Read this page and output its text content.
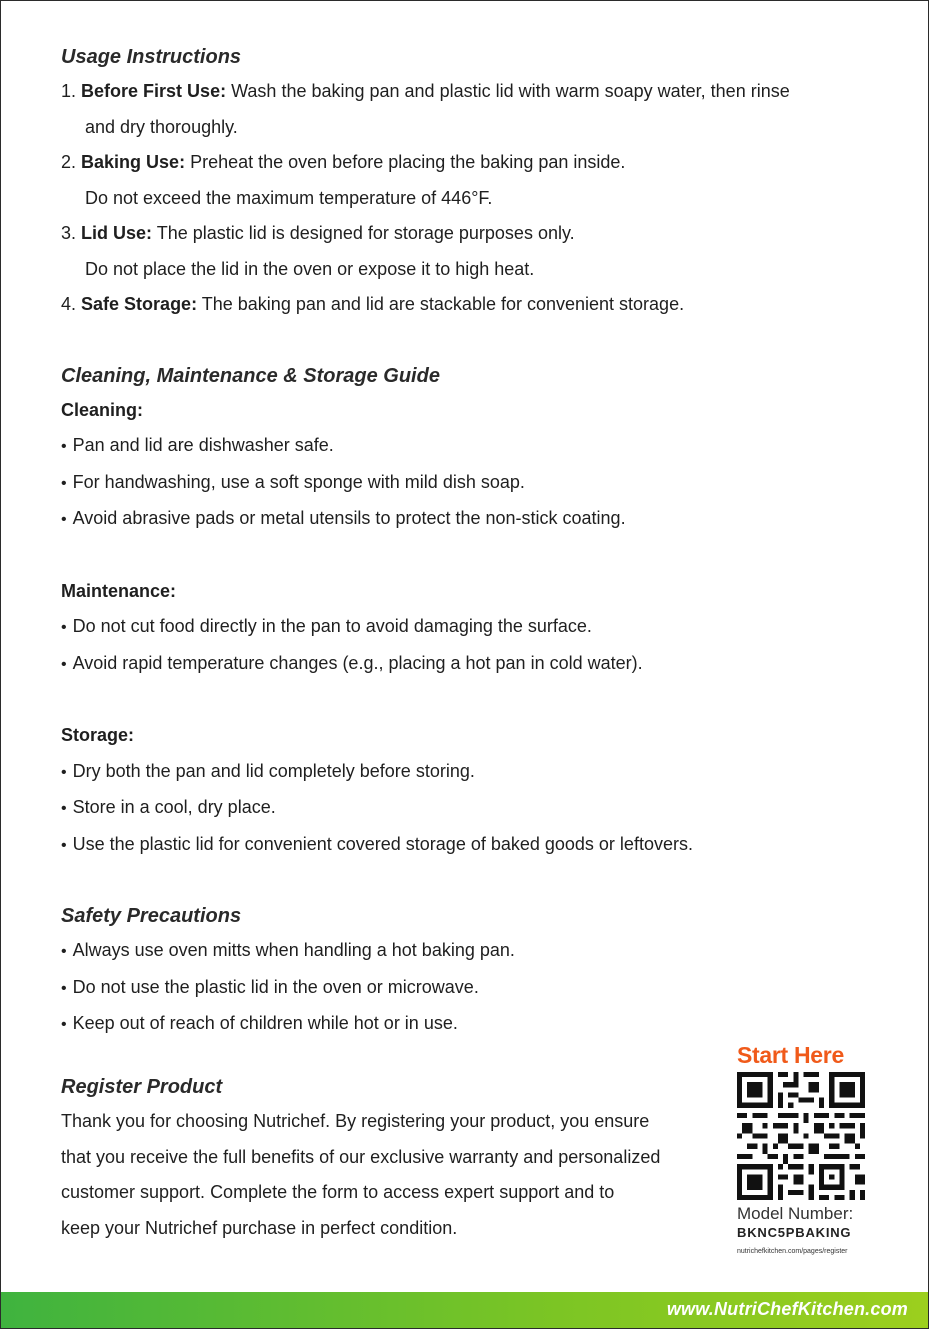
Usage Instructions
1. Before First Use: Wash the baking pan and plastic lid with warm soapy water, then rinse
and dry thoroughly.
2. Baking Use: Preheat the oven before placing the baking pan inside.
Do not exceed the maximum temperature of 446°F.
3. Lid Use: The plastic lid is designed for storage purposes only.
Do not place the lid in the oven or expose it to high heat.
4. Safe Storage: The baking pan and lid are stackable for convenient storage.
Cleaning, Maintenance & Storage Guide
Cleaning:
• Pan and lid are dishwasher safe.
• For handwashing, use a soft sponge with mild dish soap.
• Avoid abrasive pads or metal utensils to protect the non-stick coating.
Maintenance:
• Do not cut food directly in the pan to avoid damaging the surface.
• Avoid rapid temperature changes (e.g., placing a hot pan in cold water).
Storage:
• Dry both the pan and lid completely before storing.
• Store in a cool, dry place.
• Use the plastic lid for convenient covered storage of baked goods or leftovers.
Safety Precautions
• Always use oven mitts when handling a hot baking pan.
• Do not use the plastic lid in the oven or microwave.
• Keep out of reach of children while hot or in use.
Register Product
Thank you for choosing Nutrichef. By registering your product, you ensure
that you receive the full benefits of our exclusive warranty and personalized
customer support. Complete the form to access expert support and to
keep your Nutrichef purchase in perfect condition.
Start Here
Model Number:
BKNC5PBAKING
nutrichefkitchen.com/pages/register
www.NutriChefKitchen.com
